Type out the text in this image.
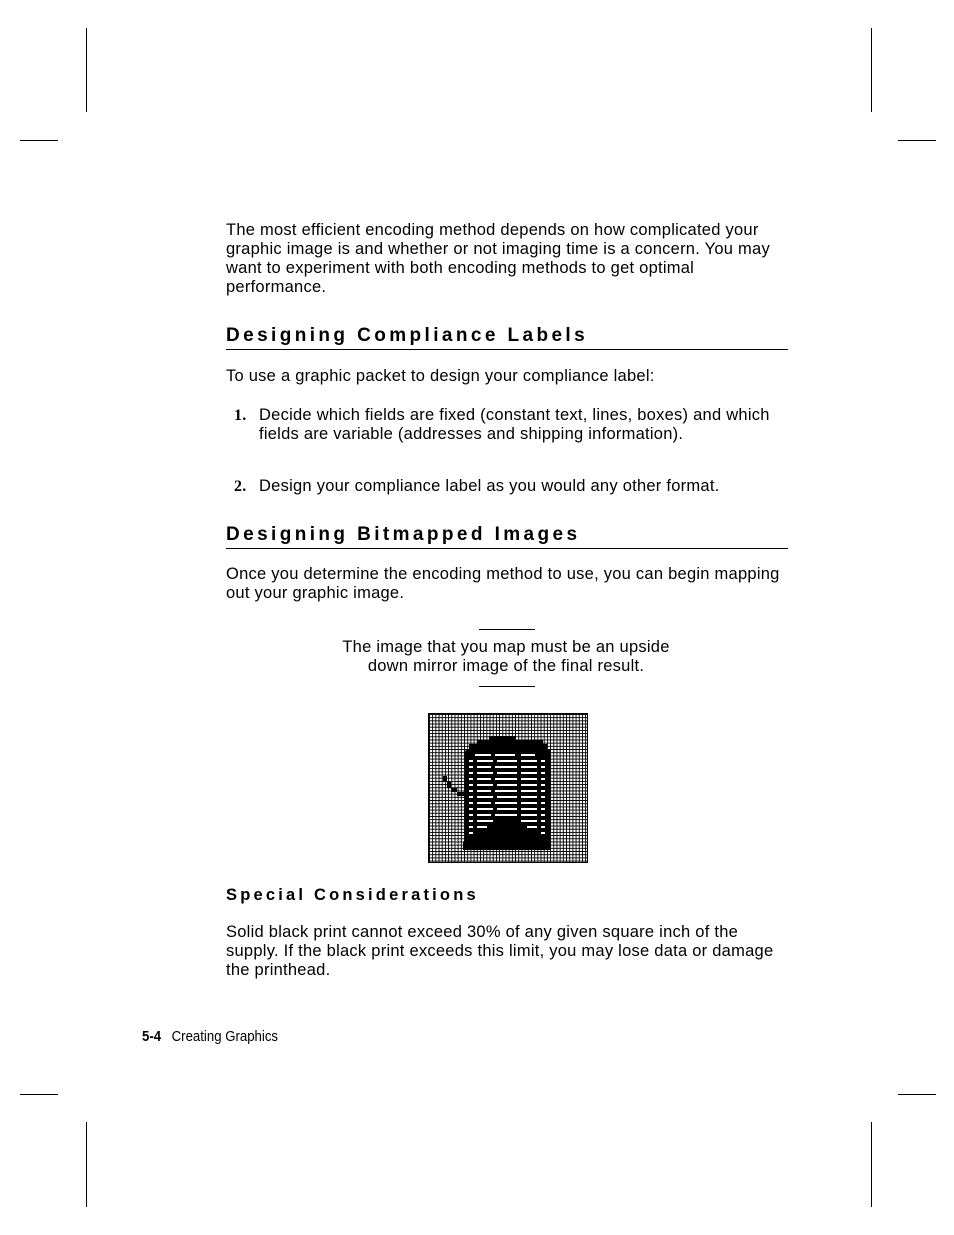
The most efficient encoding method depends on how complicated your graphic image is and whether or not imaging time is a concern. You may want to experiment with both encoding methods to get optimal performance.

Designing Compliance Labels

To use a graphic packet to design your compliance label:

1. Decide which fields are fixed (constant text, lines, boxes) and which fields are variable (addresses and shipping information).
2. Design your compliance label as you would any other format.
Designing Bitmapped Images

Once you determine the encoding method to use, you can begin mapping out your graphic image.

The image that you map must be an upside
down mirror image of the final result.
Special Considerations

Solid black print cannot exceed 30% of any given square inch of the supply. If the black print exceeds this limit, you may lose data or damage the printhead.

5-4 Creating Graphics
